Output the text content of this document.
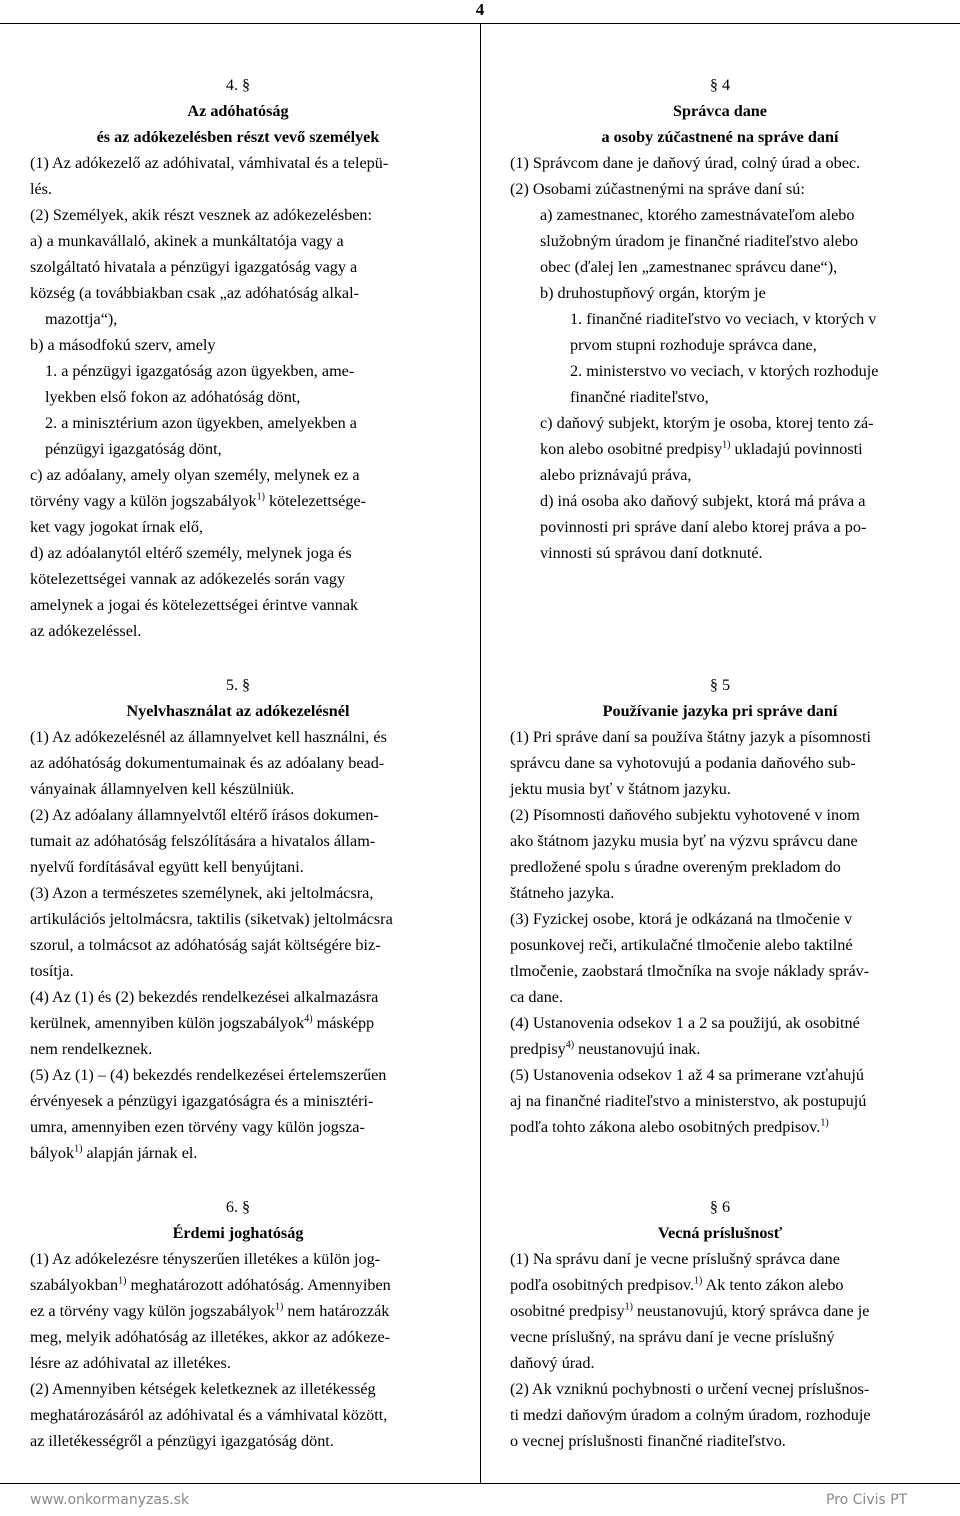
4
4. §
Az adóhatóság
és az adókezelésben részt vevő személyek
(1) Az adókezelő az adóhivatal, vámhivatal és a telepü-
lés.
(2) Személyek, akik részt vesznek az adókezelésben:
a) a munkavállaló, akinek a munkáltatója vagy a
szolgáltató hivatala a pénzügyi igazgatóság vagy a
község (a továbbiakban csak „az adóhatóság alkal-
mazottja“),
b) a másodfokú szerv, amely
1. a pénzügyi igazgatóság azon ügyekben, ame-
lyekben első fokon az adóhatóság dönt,
2. a minisztérium azon ügyekben, amelyekben a
pénzügyi igazgatóság dönt,
c) az adóalany, amely olyan személy, melynek ez a
törvény vagy a külön jogszabályok$^{1)}$ kötelezettsége-
ket vagy jogokat írnak elő,
d) az adóalanytól eltérő személy, melynek joga és
kötelezettségei vannak az adókezelés során vagy
amelynek a jogai és kötelezettségei érintve vannak
az adókezeléssel.
§ 4
Správca dane
a osoby zúčastnené na správe daní
(1) Správcom dane je daňový úrad, colný úrad a obec.
(2) Osobami zúčastnenými na správe daní sú:
a) zamestnanec, ktorého zamestnávateľom alebo
služobným úradom je finančné riaditeľstvo alebo
obec (ďalej len „zamestnanec správcu dane“),
b) druhostupňový orgán, ktorým je
1. finančné riaditeľstvo vo veciach, v ktorých v
prvom stupni rozhoduje správca dane,
2. ministerstvo vo veciach, v ktorých rozhoduje
finančné riaditeľstvo,
c) daňový subjekt, ktorým je osoba, ktorej tento zá-
kon alebo osobitné predpisy$^{1)}$ ukladajú povinnosti
alebo priznávajú práva,
d) iná osoba ako daňový subjekt, ktorá má práva a
povinnosti pri správe daní alebo ktorej práva a po-
vinnosti sú správou daní dotknuté.
5. §
Nyelvhasználat az adókezelésnél
(1) Az adókezelésnél az államnyelvet kell használni, és
az adóhatóság dokumentumainak és az adóalany bead-
ványainak államnyelven kell készülniük.
(2) Az adóalany államnyelvtől eltérő írásos dokumen-
tumait az adóhatóság felszólítására a hivatalos állam-
nyelvű fordításával együtt kell benyújtani.
(3) Azon a természetes személynek, aki jeltolmácsra,
artikulációs jeltolmácsra, taktilis (siketvak) jeltolmácsra
szorul, a tolmácsot az adóhatóság saját költségére biz-
tosítja.
(4) Az (1) és (2) bekezdés rendelkezései alkalmazásra
kerülnek, amennyiben külön jogszabályok$^{4)}$ másképp
nem rendelkeznek.
(5) Az (1) – (4) bekezdés rendelkezései értelemszerűen
érvényesek a pénzügyi igazgatóságra és a minisztéri-
umra, amennyiben ezen törvény vagy külön jogsza-
bályok$^{1)}$ alapján járnak el.
§ 5
Používanie jazyka pri správe daní
(1) Pri správe daní sa používa štátny jazyk a písomnosti
správcu dane sa vyhotovujú a podania daňového sub-
jektu musia byť v štátnom jazyku.
(2) Písomnosti daňového subjektu vyhotovené v inom
ako štátnom jazyku musia byť na výzvu správcu dane
predložené spolu s úradne overeným prekladom do
štátneho jazyka.
(3) Fyzickej osobe, ktorá je odkázaná na tlmočenie v
posunkovej reči, artikulačné tlmočenie alebo taktilné
tlmočenie, zaobstará tlmočníka na svoje náklady správ-
ca dane.
(4) Ustanovenia odsekov 1 a 2 sa použijú, ak osobitné
predpisy$^{4)}$ neustanovujú inak.
(5) Ustanovenia odsekov 1 až 4 sa primerane vzťahujú
aj na finančné riaditeľstvo a ministerstvo, ak postupujú
podľa tohto zákona alebo osobitných predpisov.$^{1)}$
6. §
Érdemi joghatóság
(1) Az adókelezésre tényszerűen illetékes a külön jog-
szabályokban$^{1)}$ meghatározott adóhatóság. Amennyiben
ez a törvény vagy külön jogszabályok$^{1)}$ nem határozzák
meg, melyik adóhatóság az illetékes, akkor az adókeze-
lésre az adóhivatal az illetékes.
(2) Amennyiben kétségek keletkeznek az illetékesség
meghatározásáról az adóhivatal és a vámhivatal között,
az illetékességről a pénzügyi igazgatóság dönt.
§ 6
Vecná príslušnosť
(1) Na správu daní je vecne príslušný správca dane
podľa osobitných predpisov.$^{1)}$ Ak tento zákon alebo
osobitné predpisy$^{1)}$ neustanovujú, ktorý správca dane je
vecne príslušný, na správu daní je vecne príslušný
daňový úrad.
(2) Ak vzniknú pochybnosti o určení vecnej príslušnos-
ti medzi daňovým úradom a colným úradom, rozhoduje
o vecnej príslušnosti finančné riaditeľstvo.
www.onkormanyzas.sk	Pro Civis PT
